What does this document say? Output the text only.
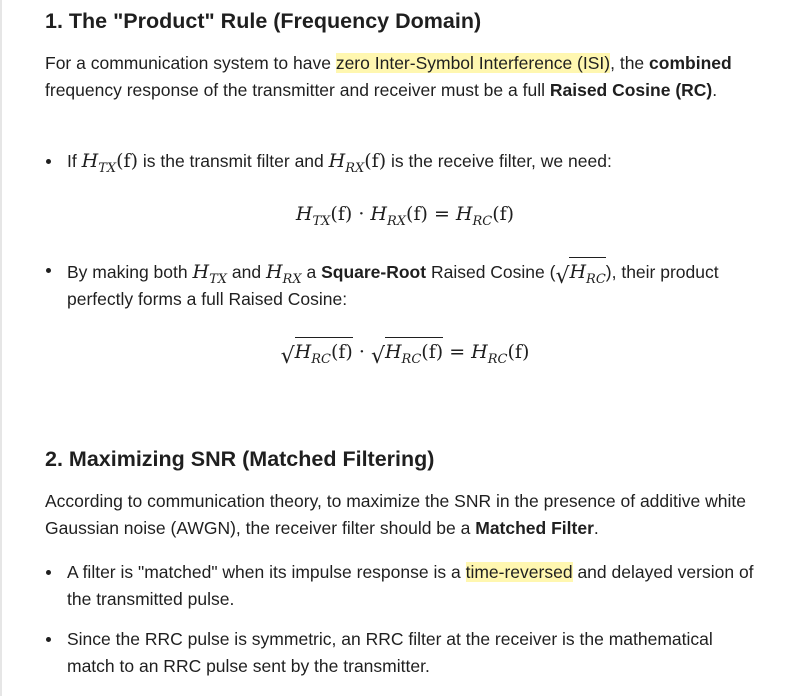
1. The "Product" Rule (Frequency Domain)

For a communication system to have zero Inter-Symbol Interference (ISI), the combined frequency response of the transmitter and receiver must be a full Raised Cosine (RC).

If $H_{TX}(f)$ is the transmit filter and $H_{RX}(f)$ is the receive filter, we need:
$H_{TX}(f) \cdot H_{RX}(f) = H_{RC}(f)$
By making both $H_{TX}$ and $H_{RX}$ a Square-Root Raised Cosine ( √ $H_{RC}$), their product perfectly forms a full Raised Cosine:
√ $H_{RC}(f)$ · √ $H_{RC}(f) = H_{RC}(f)$
2. Maximizing SNR (Matched Filtering)

According to communication theory, to maximize the SNR in the presence of additive white Gaussian noise (AWGN), the receiver filter should be a Matched Filter.

A filter is "matched" when its impulse response is a time-reversed and delayed version of the transmitted pulse.
Since the RRC pulse is symmetric, an RRC filter at the receiver is the mathematical match to an RRC pulse sent by the transmitter.
